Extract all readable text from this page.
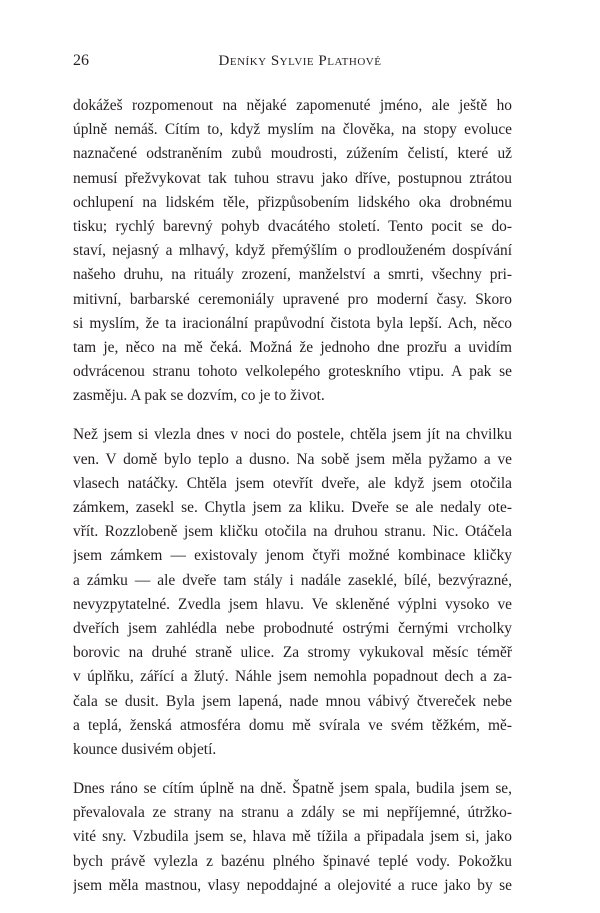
26	Deníky Sylvie Plathové
dokážeš rozpomenout na nějaké zapomenuté jméno, ale ještě ho
úplně nemáš. Cítím to, když myslím na člověka, na stopy evoluce
naznačené odstraněním zubů moudrosti, zúžením čelistí, které už
nemusí přežvykovat tak tuhou stravu jako dříve, postupnou ztrátou
ochlupení na lidském těle, přizpůsobením lidského oka drobnému
tisku; rychlý barevný pohyb dvacátého století. Tento pocit se do-
staví, nejasný a mlhavý, když přemýšlím o prodlouženém dospívání
našeho druhu, na rituály zrození, manželství a smrti, všechny pri-
mitivní, barbarské ceremoniály upravené pro moderní časy. Skoro
si myslím, že ta iracionální prapůvodní čistota byla lepší. Ach, něco
tam je, něco na mě čeká. Možná že jednoho dne prozřu a uvidím
odvrácenou stranu tohoto velkolepého groteskního vtipu. A pak se
zasměju. A pak se dozvím, co je to život.
Než jsem si vlezla dnes v noci do postele, chtěla jsem jít na chvilku
ven. V domě bylo teplo a dusno. Na sobě jsem měla pyžamo a ve
vlasech natáčky. Chtěla jsem otevřít dveře, ale když jsem otočila
zámkem, zasekl se. Chytla jsem za kliku. Dveře se ale nedaly ote-
vřít. Rozzlobeně jsem kličku otočila na druhou stranu. Nic. Otáčela
jsem zámkem — existovaly jenom čtyři možné kombinace kličky
a zámku — ale dveře tam stály i nadále zaseklé, bílé, bezvýrazné,
nevyzpytatelné. Zvedla jsem hlavu. Ve skleněné výplni vysoko ve
dveřích jsem zahlédla nebe probodnuté ostrými černými vrcholky
borovic na druhé straně ulice. Za stromy vykukoval měsíc téměř
v úplňku, zářící a žlutý. Náhle jsem nemohla popadnout dech a za-
čala se dusit. Byla jsem lapená, nade mnou vábivý čtvereček nebe
a teplá, ženská atmosféra domu mě svírala ve svém těžkém, mě-
kounce dusivém objetí.
Dnes ráno se cítím úplně na dně. Špatně jsem spala, budila jsem se,
převalovala ze strany na stranu a zdály se mi nepříjemné, útržko-
vité sny. Vzbudila jsem se, hlava mě tížila a připadala jsem si, jako
bych právě vylezla z bazénu plného špinavé teplé vody. Pokožku
jsem měla mastnou, vlasy nepoddajné a olejovité a ruce jako by se
